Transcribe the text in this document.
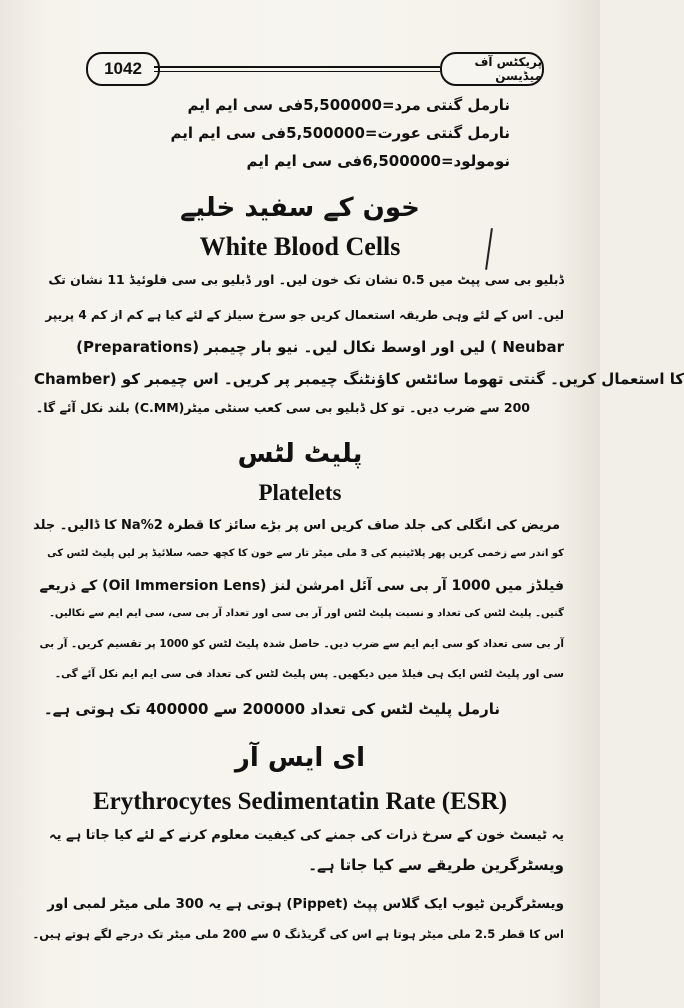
1042	پریکٹس آف میڈیسن
نارمل گنتی مرد=5,500000فی سی ایم ایم
نارمل گنتی عورت=5,500000فی سی ایم ایم
نومولود=6,500000فی سی ایم ایم
خون کے سفید خلیے
White Blood Cells
ڈبلیو بی سی پپٹ میں 0.5 نشان تک خون لیں۔ اور ڈبلیو بی سی فلوئیڈ 11 نشان تک
لیں۔ اس کے لئے وہی طریقہ استعمال کریں جو سرخ سیلز کے لئے کیا ہے کم از کم 4 پریپر
(Preparations) لیں اور اوسط نکال لیں۔ نیو بار چیمبر ( Neubar
Chamber) کا استعمال کریں۔ گنتی تھوما سائٹس کاؤنٹنگ چیمبر پر کریں۔ اس چیمبر کو
200 سے ضرب دیں۔ تو کل ڈبلیو بی سی کعب سنٹی میٹر(C.MM) بلند نکل آئے گا۔
پلیٹ لٹس
Platelets
مریض کی انگلی کی جلد صاف کریں اس پر بڑے سائز کا قطرہ 2%Na کا ڈالیں۔ جلد
کو اندر سے زخمی کریں پھر پلاٹینیم کی 3 ملی میٹر تار سے خون کا کچھ حصہ سلائیڈ پر لیں پلیٹ لٹس کی
فیلڈز میں 1000 آر بی سی آئل امرشن لنز (Oil Immersion Lens) کے ذریعے
گنیں۔ پلیٹ لٹس کی تعداد و نسبت پلیٹ لٹس اور آر بی سی اور تعداد آر بی سی، سی ایم ایم سے نکالیں۔
آر بی سی تعداد کو سی ایم ایم سے ضرب دیں۔ حاصل شدہ پلیٹ لٹس کو 1000 پر تقسیم کریں۔ آر بی
سی اور پلیٹ لٹس ایک ہی فیلڈ میں دیکھیں۔ پس پلیٹ لٹس کی تعداد فی سی ایم ایم نکل آئے گی۔
نارمل پلیٹ لٹس کی تعداد 200000 سے 400000 تک ہوتی ہے۔
ای ایس آر
Erythrocytes Sedimentatin Rate (ESR)
یہ ٹیسٹ خون کے سرخ ذرات کی جمنے کی کیفیت معلوم کرنے کے لئے کیا جاتا ہے یہ
ویسٹرگرین طریقے سے کیا جاتا ہے۔
ویسٹرگرین ٹیوب ایک گلاس پپٹ (Pippet) ہوتی ہے یہ 300 ملی میٹر لمبی اور
اس کا قطر 2.5 ملی میٹر ہوتا ہے اس کی گریڈنگ 0 سے 200 ملی میٹر تک درجے لگے ہوتے ہیں۔
